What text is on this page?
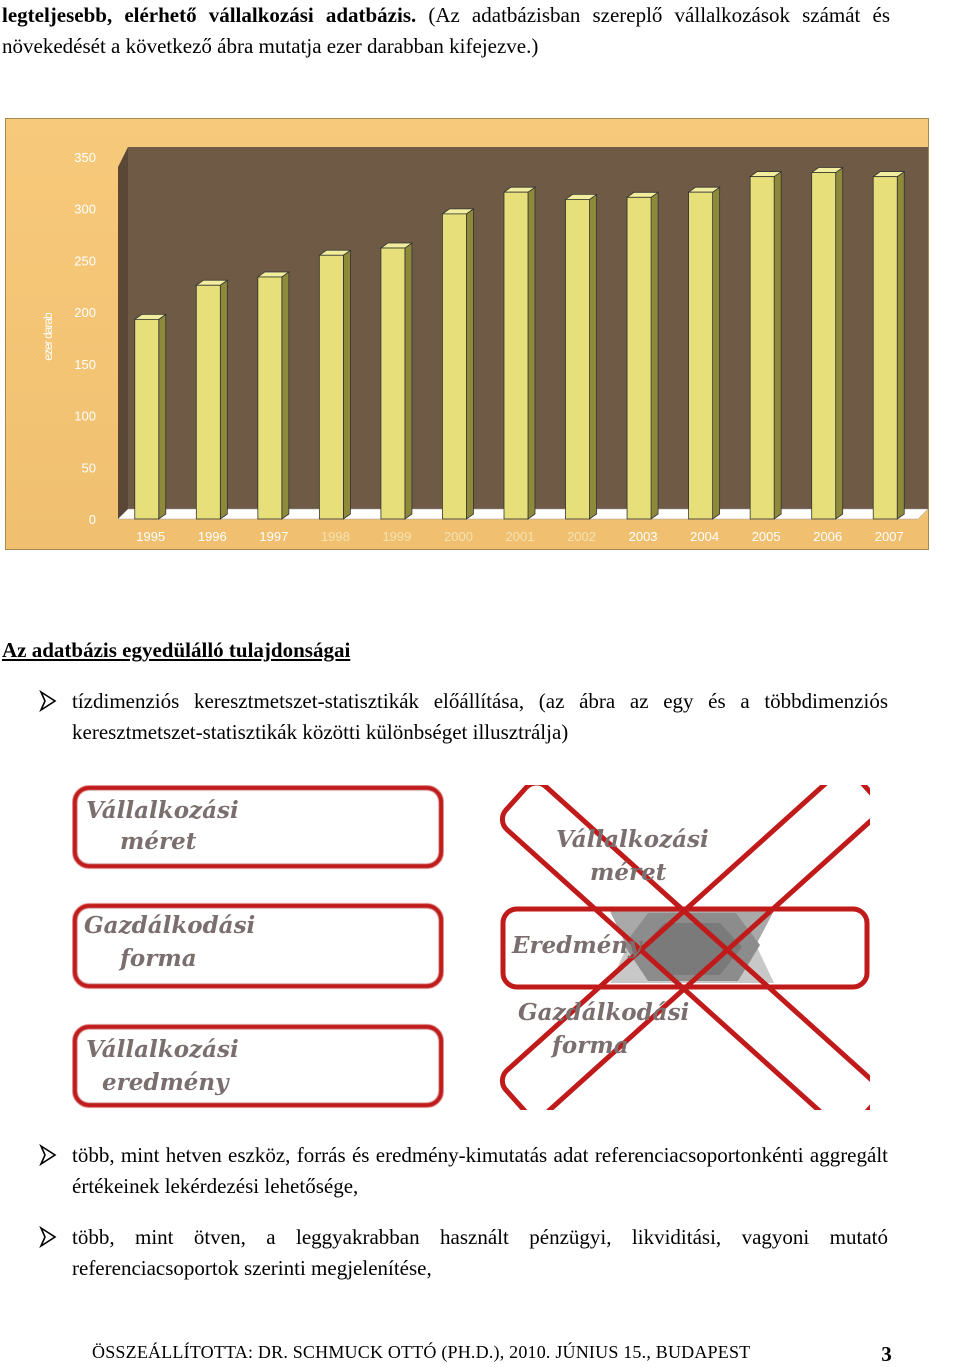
legteljesebb, elérhető vállalkozási adatbázis. (Az adatbázisban szereplő vállalkozások számát és növekedését a következő ábra mutatja ezer darabban kifejezve.)

0
50
100
150
200
250
300
350
ezer darab
1995	1996	1997	1998	1999	2000	2001	2002	2003	2004	2005	2006	2007
Az adatbázis egyedülálló tulajdonságai
tízdimenziós keresztmetszet-statisztikák előállítása, (az ábra az egy és a többdimenziós keresztmetszet-statisztikák közötti különbséget illusztrálja)
Vállalkozási
méret
Gazdálkodási
forma
Vállalkozási
eredmény
Vállalkozási
méret
Eredmény
Gazdálkodási
forma
több, mint hetven eszköz, forrás és eredmény-kimutatás adat referenciacsoportonkénti aggregált értékeinek lekérdezési lehetősége,
több, mint ötven, a leggyakrabban használt pénzügyi, likviditási, vagyoni mutató referenciacsoportok szerinti megjelenítése,
ÖSSZEÁLLÍTOTTA: DR. SCHMUCK OTTÓ (PH.D.), 2010. JÚNIUS 15., BUDAPEST	3
